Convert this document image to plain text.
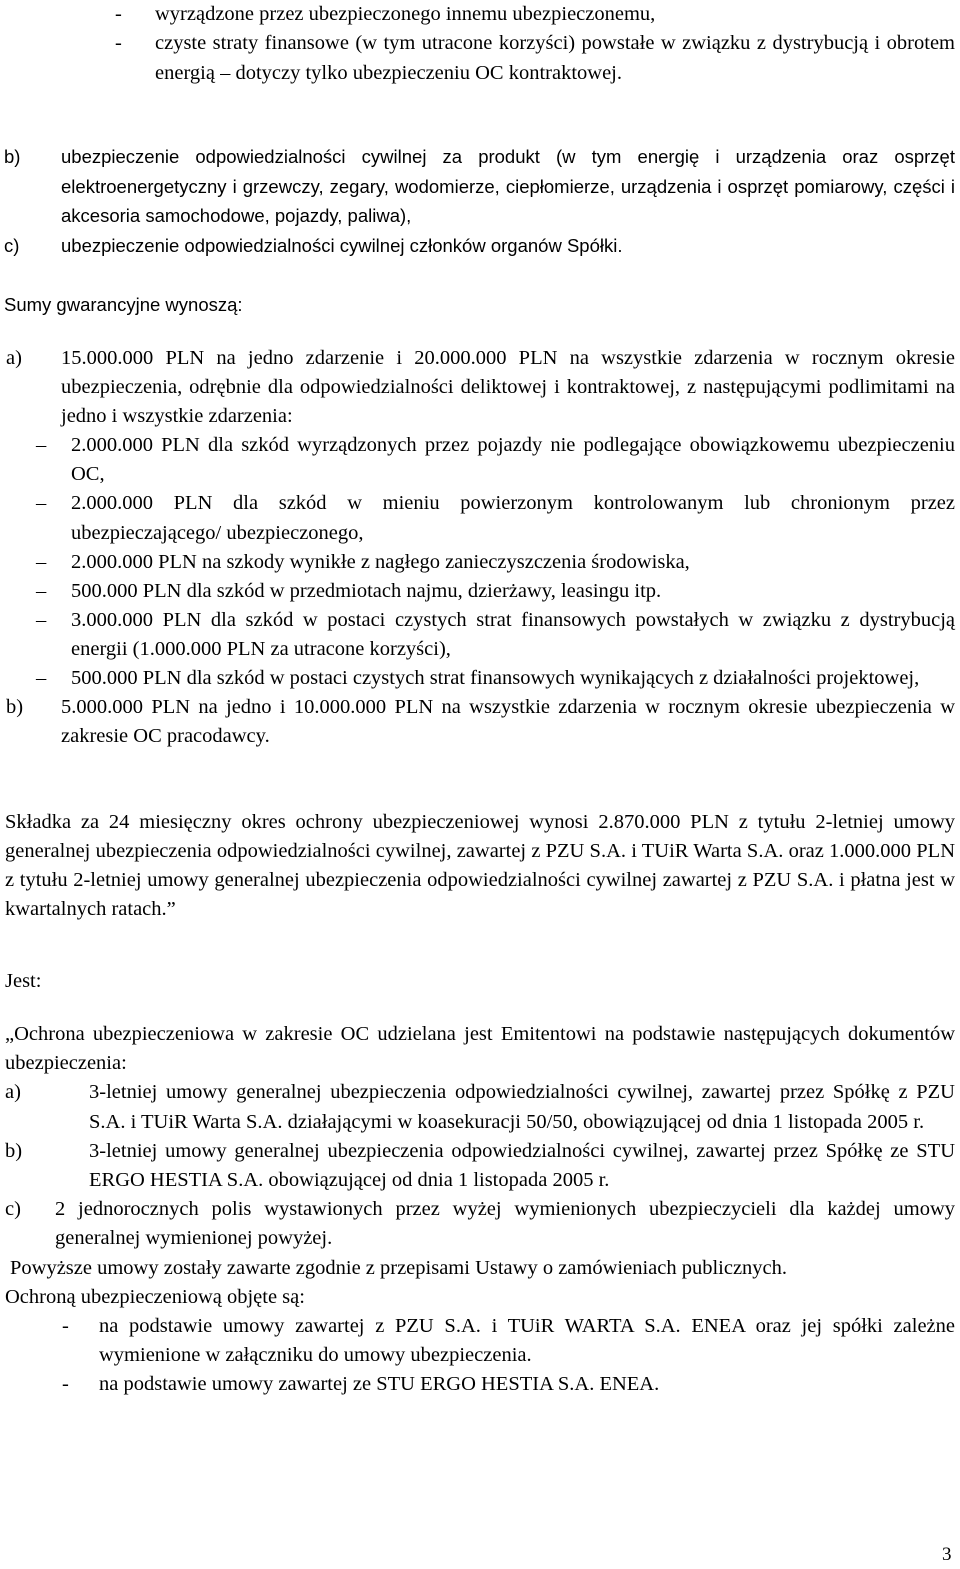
- wyrządzone przez ubezpieczonego innemu ubezpieczonemu,
- czyste straty finansowe (w tym utracone korzyści) powstałe w związku z dystrybucją i obrotem energią – dotyczy tylko ubezpieczeniu OC kontraktowej.
b) ubezpieczenie odpowiedzialności cywilnej za produkt (w tym energię i urządzenia oraz osprzęt elektroenergetyczny i grzewczy, zegary, wodomierze, ciepłomierze, urządzenia i osprzęt pomiarowy, części i akcesoria samochodowe, pojazdy, paliwa),
c) ubezpieczenie odpowiedzialności cywilnej członków organów Spółki.

Sumy gwarancyjne wynoszą:

a) 15.000.000 PLN na jedno zdarzenie i 20.000.000 PLN na wszystkie zdarzenia w rocznym okresie ubezpieczenia, odrębnie dla odpowiedzialności deliktowej i kontraktowej, z następującymi podlimitami na jedno i wszystkie zdarzenia:
– 2.000.000 PLN dla szkód wyrządzonych przez pojazdy nie podlegające obowiązkowemu ubezpieczeniu OC,
– 2.000.000 PLN dla szkód w mieniu powierzonym kontrolowanym lub chronionym przez ubezpieczającego/ ubezpieczonego,
– 2.000.000 PLN na szkody wynikłe z nagłego zanieczyszczenia środowiska,
– 500.000 PLN dla szkód w przedmiotach najmu, dzierżawy, leasingu itp.
– 3.000.000 PLN dla szkód w postaci czystych strat finansowych powstałych w związku z dystrybucją energii (1.000.000 PLN za utracone korzyści),
– 500.000 PLN dla szkód w postaci czystych strat finansowych wynikających z działalności projektowej,
b) 5.000.000 PLN na jedno i 10.000.000 PLN na wszystkie zdarzenia w rocznym okresie ubezpieczenia w zakresie OC pracodawcy.

Składka za 24 miesięczny okres ochrony ubezpieczeniowej wynosi 2.870.000 PLN z tytułu 2-letniej umowy generalnej ubezpieczenia odpowiedzialności cywilnej, zawartej z PZU S.A. i TUiR Warta S.A. oraz 1.000.000 PLN z tytułu 2-letniej umowy generalnej ubezpieczenia odpowiedzialności cywilnej zawartej z PZU S.A. i płatna jest w kwartalnych ratach.”

Jest:

„Ochrona ubezpieczeniowa w zakresie OC udzielana jest Emitentowi na podstawie następujących dokumentów ubezpieczenia:

a)	3-letniej umowy generalnej ubezpieczenia odpowiedzialności cywilnej, zawartej przez Spółkę z PZU S.A. i TUiR Warta S.A. działającymi w koasekuracji 50/50, obowiązującej od dnia 1 listopada 2005 r.
b)	3-letniej umowy generalnej ubezpieczenia odpowiedzialności cywilnej, zawartej przez Spółkę ze STU ERGO HESTIA S.A. obowiązującej od dnia 1 listopada 2005 r.
c) 2 jednorocznych polis wystawionych przez wyżej wymienionych ubezpieczycieli dla każdej umowy generalnej wymienionej powyżej.

Powyższe umowy zostały zawarte zgodnie z przepisami Ustawy o zamówieniach publicznych.

Ochroną ubezpieczeniową objęte są:

- na podstawie umowy zawartej z PZU S.A. i TUiR WARTA S.A. ENEA oraz jej spółki zależne wymienione w załączniku do umowy ubezpieczenia.
- na podstawie umowy zawartej ze STU ERGO HESTIA S.A. ENEA.
3
